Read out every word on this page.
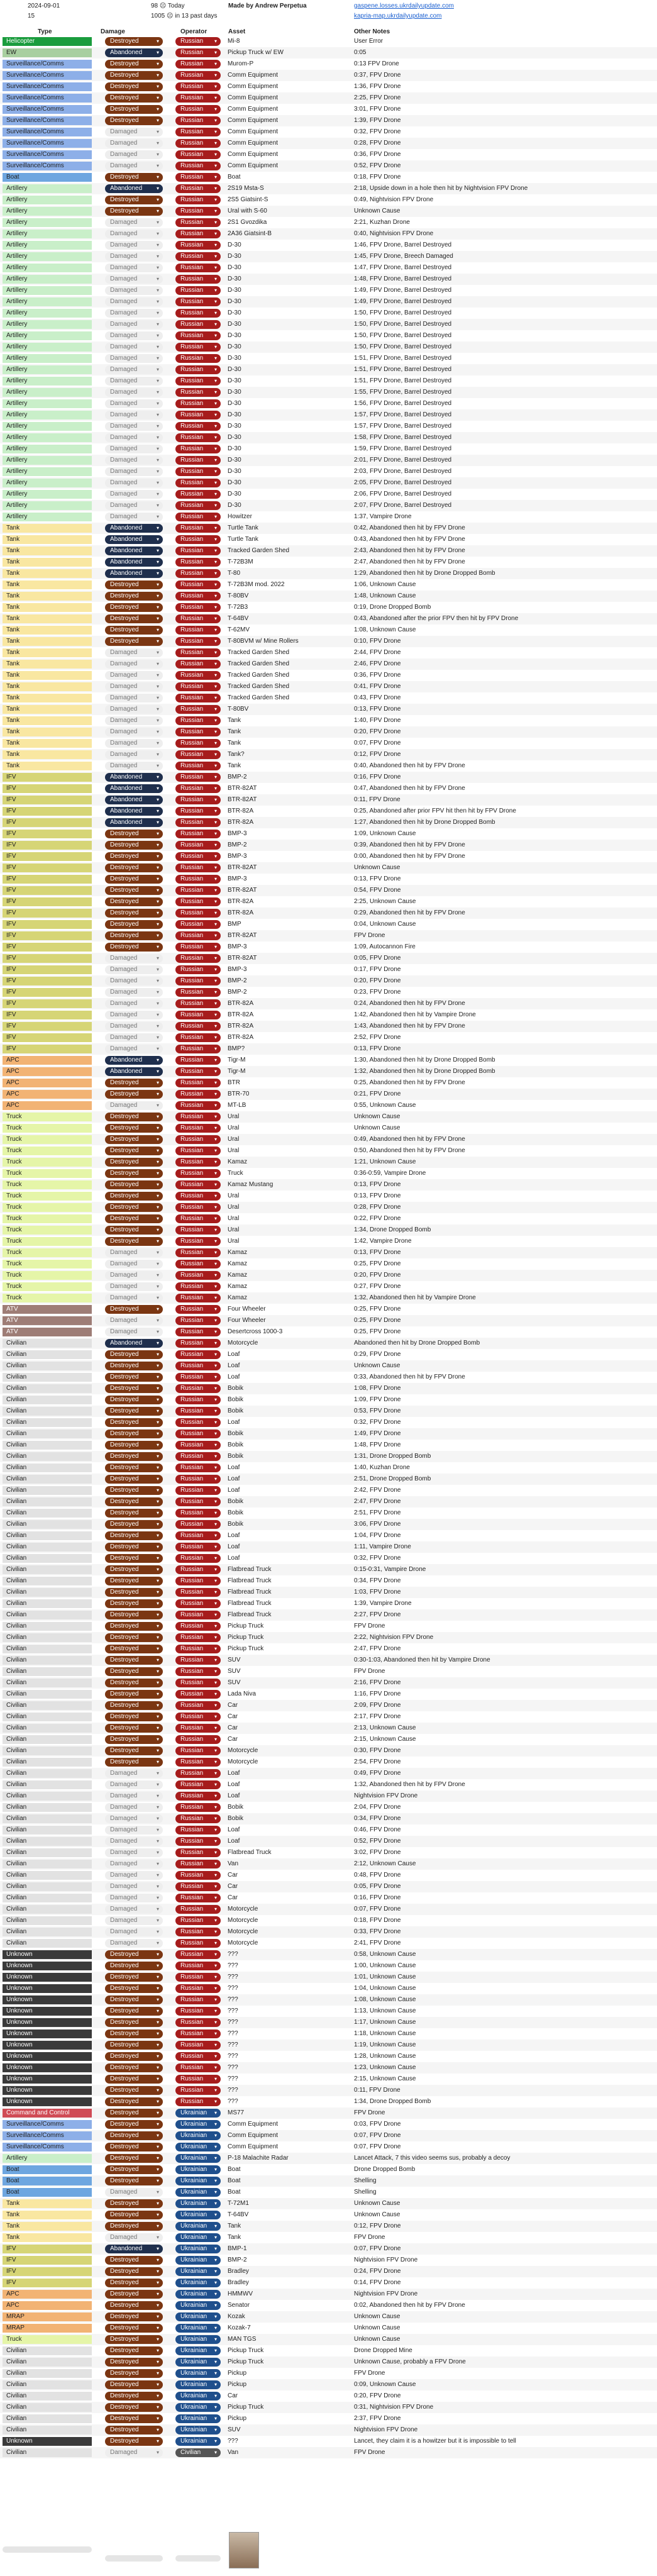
2024-09-01
15
98 ☹ Today
1005 ☹ in 13 past days
Made by Andrew Perpetua	gaspene.losses.ukrdailyupdate.com
kapria-map.ukrdailyupdate.com
Type	Damage	Operator	Asset	Other Notes
Helicopter	Destroyed	▾	Russian ▾ Mi-8	User Error
EW	Abandoned	▾	Russian ▾ Pickup Truck w/ EW	0:05
Surveillance/Comms	Destroyed	▾	Russian ▾ Murom-P	0:13 FPV Drone
Surveillance/Comms	Destroyed	▾	Russian ▾ Comm Equipment	0:37, FPV Drone
Surveillance/Comms	Destroyed	▾	Russian ▾ Comm Equipment	1:36, FPV Drone
Surveillance/Comms	Destroyed	▾	Russian ▾ Comm Equipment	2:25, FPV Drone
Surveillance/Comms	Destroyed	▾	Russian ▾ Comm Equipment	3:01, FPV Drone
Surveillance/Comms	Destroyed	▾	Russian ▾ Comm Equipment	1:39, FPV Drone
Surveillance/Comms	Damaged	▾	Russian ▾ Comm Equipment	0:32, FPV Drone
Surveillance/Comms	Damaged	▾	Russian ▾ Comm Equipment	0:28, FPV Drone
Surveillance/Comms	Damaged	▾	Russian ▾ Comm Equipment	0:36, FPV Drone
Surveillance/Comms	Damaged	▾	Russian ▾ Comm Equipment	0:52, FPV Drone
Boat	Destroyed	▾	Russian ▾ Boat	0:18, FPV Drone
Artillery	Abandoned	▾	Russian ▾ 2S19 Msta-S	2:18, Upside down in a hole then hit by Nightvision FPV Drone
Artillery	Destroyed	▾	Russian ▾ 2S5 Giatsint-S	0:49, Nightvision FPV Drone
Artillery	Destroyed	▾	Russian ▾ Ural with S-60	Unknown Cause
Artillery	Damaged	▾	Russian ▾ 2S1 Gvozdika	2:21, Kuzhan Drone
Artillery	Damaged	▾	Russian ▾ 2A36 Giatsint-B	0:40, Nightvision FPV Drone
Artillery	Damaged	▾	Russian ▾ D-30	1:46, FPV Drone, Barrel Destroyed
Artillery	Damaged	▾	Russian ▾ D-30	1:45, FPV Drone, Breech Damaged
Artillery	Damaged	▾	Russian ▾ D-30	1:47, FPV Drone, Barrel Destroyed
Artillery	Damaged	▾	Russian ▾ D-30	1:48, FPV Drone, Barrel Destroyed
Artillery	Damaged	▾	Russian ▾ D-30	1:49, FPV Drone, Barrel Destroyed
Artillery	Damaged	▾	Russian ▾ D-30	1:49, FPV Drone, Barrel Destroyed
Artillery	Damaged	▾	Russian ▾ D-30	1:50, FPV Drone, Barrel Destroyed
Artillery	Damaged	▾	Russian ▾ D-30	1:50, FPV Drone, Barrel Destroyed
Artillery	Damaged	▾	Russian ▾ D-30	1:50, FPV Drone, Barrel Destroyed
Artillery	Damaged	▾	Russian ▾ D-30	1:50, FPV Drone, Barrel Destroyed
Artillery	Damaged	▾	Russian ▾ D-30	1:51, FPV Drone, Barrel Destroyed
Artillery	Damaged	▾	Russian ▾ D-30	1:51, FPV Drone, Barrel Destroyed
Artillery	Damaged	▾	Russian ▾ D-30	1:51, FPV Drone, Barrel Destroyed
Artillery	Damaged	▾	Russian ▾ D-30	1:55, FPV Drone, Barrel Destroyed
Artillery	Damaged	▾	Russian ▾ D-30	1:56, FPV Drone, Barrel Destroyed
Artillery	Damaged	▾	Russian ▾ D-30	1:57, FPV Drone, Barrel Destroyed
Artillery	Damaged	▾	Russian ▾ D-30	1:57, FPV Drone, Barrel Destroyed
Artillery	Damaged	▾	Russian ▾ D-30	1:58, FPV Drone, Barrel Destroyed
Artillery	Damaged	▾	Russian ▾ D-30	1:59, FPV Drone, Barrel Destroyed
Artillery	Damaged	▾	Russian ▾ D-30	2:01, FPV Drone, Barrel Destroyed
Artillery	Damaged	▾	Russian ▾ D-30	2:03, FPV Drone, Barrel Destroyed
Artillery	Damaged	▾	Russian ▾ D-30	2:05, FPV Drone, Barrel Destroyed
Artillery	Damaged	▾	Russian ▾ D-30	2:06, FPV Drone, Barrel Destroyed
Artillery	Damaged	▾	Russian ▾ D-30	2:07, FPV Drone, Barrel Destroyed
Artillery	Damaged	▾	Russian ▾ Howitzer	1:37, Vampire Drone
Tank	Abandoned	▾	Russian ▾ Turtle Tank	0:42, Abandoned then hit by FPV Drone
Tank	Abandoned	▾	Russian ▾ Turtle Tank	0:43, Abandoned then hit by FPV Drone
Tank	Abandoned	▾	Russian ▾ Tracked Garden Shed	2:43, Abandoned then hit by FPV Drone
Tank	Abandoned	▾	Russian ▾ T-72B3M	2:47, Abandoned then hit by FPV Drone
Tank	Abandoned	▾	Russian ▾ T-80	1:29, Abandoned then hit by Drone Dropped Bomb
Tank	Destroyed	▾	Russian ▾ T-72B3M mod. 2022	1:06, Unknown Cause
Tank	Destroyed	▾	Russian ▾ T-80BV	1:48, Unknown Cause
Tank	Destroyed	▾	Russian ▾ T-72B3	0:19, Drone Dropped Bomb
Tank	Destroyed	▾	Russian ▾ T-64BV	0:43, Abandoned after the prior FPV then hit by FPV Drone
Tank	Destroyed	▾	Russian ▾ T-62MV	1:08, Unknown Cause
Tank	Destroyed	▾	Russian ▾ T-80BVM w/ Mine Rollers	0:10, FPV Drone
Tank	Damaged	▾	Russian ▾ Tracked Garden Shed	2:44, FPV Drone
Tank	Damaged	▾	Russian ▾ Tracked Garden Shed	2:46, FPV Drone
Tank	Damaged	▾	Russian ▾ Tracked Garden Shed	0:36, FPV Drone
Tank	Damaged	▾	Russian ▾ Tracked Garden Shed	0:41, FPV Drone
Tank	Damaged	▾	Russian ▾ Tracked Garden Shed	0:43, FPV Drone
Tank	Damaged	▾	Russian ▾ T-80BV	0:13, FPV Drone
Tank	Damaged	▾	Russian ▾ Tank	1:40, FPV Drone
Tank	Damaged	▾	Russian ▾ Tank	0:20, FPV Drone
Tank	Damaged	▾	Russian ▾ Tank	0:07, FPV Drone
Tank	Damaged	▾	Russian ▾ Tank?	0:12, FPV Drone
Tank	Damaged	▾	Russian ▾ Tank	0:40, Abandoned then hit by FPV Drone
IFV	Abandoned	▾	Russian ▾ BMP-2	0:16, FPV Drone
IFV	Abandoned	▾	Russian ▾ BTR-82AT	0:47, Abandoned then hit by FPV Drone
IFV	Abandoned	▾	Russian ▾ BTR-82AT	0:11, FPV Drone
IFV	Abandoned	▾	Russian ▾ BTR-82A	0:25, Abandoned after prior FPV hit then hit by FPV Drone
IFV	Abandoned	▾	Russian ▾ BTR-82A	1:27, Abandoned then hit by Drone Dropped Bomb
IFV	Destroyed	▾	Russian ▾ BMP-3	1:09, Unknown Cause
IFV	Destroyed	▾	Russian ▾ BMP-2	0:39, Abandoned then hit by FPV Drone
IFV	Destroyed	▾	Russian ▾ BMP-3	0:00, Abandoned then hit by FPV Drone
IFV	Destroyed	▾	Russian ▾ BTR-82AT	Unknown Cause
IFV	Destroyed	▾	Russian ▾ BMP-3	0:13, FPV Drone
IFV	Destroyed	▾	Russian ▾ BTR-82AT	0:54, FPV Drone
IFV	Destroyed	▾	Russian ▾ BTR-82A	2:25, Unknown Cause
IFV	Destroyed	▾	Russian ▾ BTR-82A	0:29, Abandoned then hit by FPV Drone
IFV	Destroyed	▾	Russian ▾ BMP	0:04, Unknown Cause
IFV	Destroyed	▾	Russian ▾ BTR-82AT	FPV Drone
IFV	Destroyed	▾	Russian ▾ BMP-3	1:09, Autocannon Fire
IFV	Damaged	▾	Russian ▾ BTR-82AT	0:05, FPV Drone
IFV	Damaged	▾	Russian ▾ BMP-3	0:17, FPV Drone
IFV	Damaged	▾	Russian ▾ BMP-2	0:20, FPV Drone
IFV	Damaged	▾	Russian ▾ BMP-2	0:23, FPV Drone
IFV	Damaged	▾	Russian ▾ BTR-82A	0:24, Abandoned then hit by FPV Drone
IFV	Damaged	▾	Russian ▾ BTR-82A	1:42, Abandoned then hit by Vampire Drone
IFV	Damaged	▾	Russian ▾ BTR-82A	1:43, Abandoned then hit by FPV Drone
IFV	Damaged	▾	Russian ▾ BTR-82A	2:52, FPV Drone
IFV	Damaged	▾	Russian ▾ BMP?	0:13, FPV Drone
APC	Abandoned	▾	Russian ▾ Tigr-M	1:30, Abandoned then hit by Drone Dropped Bomb
APC	Abandoned	▾	Russian ▾ Tigr-M	1:32, Abandoned then hit by Drone Dropped Bomb
APC	Destroyed	▾	Russian ▾ BTR	0:25, Abandoned then hit by FPV Drone
APC	Destroyed	▾	Russian ▾ BTR-70	0:21, FPV Drone
APC	Damaged	▾	Russian ▾ MT-LB	0:55, Unknown Cause
Truck	Destroyed	▾	Russian ▾ Ural	Unknown Cause
Truck	Destroyed	▾	Russian ▾ Ural	Unknown Cause
Truck	Destroyed	▾	Russian ▾ Ural	0:49, Abandoned then hit by FPV Drone
Truck	Destroyed	▾	Russian ▾ Ural	0:50, Abandoned then hit by FPV Drone
Truck	Destroyed	▾	Russian ▾ Kamaz	1:21, Unknown Cause
Truck	Destroyed	▾	Russian ▾ Truck	0:36-0:59, Vampire Drone
Truck	Destroyed	▾	Russian ▾ Kamaz Mustang	0:13, FPV Drone
Truck	Destroyed	▾	Russian ▾ Ural	0:13, FPV Drone
Truck	Destroyed	▾	Russian ▾ Ural	0:28, FPV Drone
Truck	Destroyed	▾	Russian ▾ Ural	0:22, FPV Drone
Truck	Destroyed	▾	Russian ▾ Ural	1:34, Drone Dropped Bomb
Truck	Destroyed	▾	Russian ▾ Ural	1:42, Vampire Drone
Truck	Damaged	▾	Russian ▾ Kamaz	0:13, FPV Drone
Truck	Damaged	▾	Russian ▾ Kamaz	0:25, FPV Drone
Truck	Damaged	▾	Russian ▾ Kamaz	0:20, FPV Drone
Truck	Damaged	▾	Russian ▾ Kamaz	0:27, FPV Drone
Truck	Damaged	▾	Russian ▾ Kamaz	1:32, Abandoned then hit by Vampire Drone
ATV	Destroyed	▾	Russian ▾ Four Wheeler	0:25, FPV Drone
ATV	Damaged	▾	Russian ▾ Four Wheeler	0:25, FPV Drone
ATV	Damaged	▾	Russian ▾ Desertcross 1000-3	0:25, FPV Drone
Civilian	Abandoned	▾	Russian ▾ Motorcycle	Abandoned then hit by Drone Dropped Bomb
Civilian	Destroyed	▾	Russian ▾ Loaf	0:29, FPV Drone
Civilian	Destroyed	▾	Russian ▾ Loaf	Unknown Cause
Civilian	Destroyed	▾	Russian ▾ Loaf	0:33, Abandoned then hit by FPV Drone
Civilian	Destroyed	▾	Russian ▾ Bobik	1:08, FPV Drone
Civilian	Destroyed	▾	Russian ▾ Bobik	1:09, FPV Drone
Civilian	Destroyed	▾	Russian ▾ Bobik	0:53, FPV Drone
Civilian	Destroyed	▾	Russian ▾ Loaf	0:32, FPV Drone
Civilian	Destroyed	▾	Russian ▾ Bobik	1:49, FPV Drone
Civilian	Destroyed	▾	Russian ▾ Bobik	1:48, FPV Drone
Civilian	Destroyed	▾	Russian ▾ Bobik	1:31, Drone Dropped Bomb
Civilian	Destroyed	▾	Russian ▾ Loaf	1:40, Kuzhan Drone
Civilian	Destroyed	▾	Russian ▾ Loaf	2:51, Drone Dropped Bomb
Civilian	Destroyed	▾	Russian ▾ Loaf	2:42, FPV Drone
Civilian	Destroyed	▾	Russian ▾ Bobik	2:47, FPV Drone
Civilian	Destroyed	▾	Russian ▾ Bobik	2:51, FPV Drone
Civilian	Destroyed	▾	Russian ▾ Bobik	3:06, FPV Drone
Civilian	Destroyed	▾	Russian ▾ Loaf	1:04, FPV Drone
Civilian	Destroyed	▾	Russian ▾ Loaf	1:11, Vampire Drone
Civilian	Destroyed	▾	Russian ▾ Loaf	0:32, FPV Drone
Civilian	Destroyed	▾	Russian ▾ Flatbread Truck	0:15-0:31, Vampire Drone
Civilian	Destroyed	▾	Russian ▾ Flatbread Truck	0:34, FPV Drone
Civilian	Destroyed	▾	Russian ▾ Flatbread Truck	1:03, FPV Drone
Civilian	Destroyed	▾	Russian ▾ Flatbread Truck	1:39, Vampire Drone
Civilian	Destroyed	▾	Russian ▾ Flatbread Truck	2:27, FPV Drone
Civilian	Destroyed	▾	Russian ▾ Pickup Truck	FPV Drone
Civilian	Destroyed	▾	Russian ▾ Pickup Truck	2:22, Nightvision FPV Drone
Civilian	Destroyed	▾	Russian ▾ Pickup Truck	2:47, FPV Drone
Civilian	Destroyed	▾	Russian ▾ SUV	0:30-1:03, Abandoned then hit by Vampire Drone
Civilian	Destroyed	▾	Russian ▾ SUV	FPV Drone
Civilian	Destroyed	▾	Russian ▾ SUV	2:16, FPV Drone
Civilian	Destroyed	▾	Russian ▾ Lada Niva	1:16, FPV Drone
Civilian	Destroyed	▾	Russian ▾ Car	2:09, FPV Drone
Civilian	Destroyed	▾	Russian ▾ Car	2:17, FPV Drone
Civilian	Destroyed	▾	Russian ▾ Car	2:13, Unknown Cause
Civilian	Destroyed	▾	Russian ▾ Car	2:15, Unknown Cause
Civilian	Destroyed	▾	Russian ▾ Motorcycle	0:30, FPV Drone
Civilian	Destroyed	▾	Russian ▾ Motorcycle	2:54, FPV Drone
Civilian	Damaged	▾	Russian ▾ Loaf	0:49, FPV Drone
Civilian	Damaged	▾	Russian ▾ Loaf	1:32, Abandoned then hit by FPV Drone
Civilian	Damaged	▾	Russian ▾ Loaf	Nightvision FPV Drone
Civilian	Damaged	▾	Russian ▾ Bobik	2:04, FPV Drone
Civilian	Damaged	▾	Russian ▾ Bobik	0:34, FPV Drone
Civilian	Damaged	▾	Russian ▾ Loaf	0:46, FPV Drone
Civilian	Damaged	▾	Russian ▾ Loaf	0:52, FPV Drone
Civilian	Damaged	▾	Russian ▾ Flatbread Truck	3:02, FPV Drone
Civilian	Damaged	▾	Russian ▾ Van	2:12, Unknown Cause
Civilian	Damaged	▾	Russian ▾ Car	0:48, FPV Drone
Civilian	Damaged	▾	Russian ▾ Car	0:05, FPV Drone
Civilian	Damaged	▾	Russian ▾ Car	0:16, FPV Drone
Civilian	Damaged	▾	Russian ▾ Motorcycle	0:07, FPV Drone
Civilian	Damaged	▾	Russian ▾ Motorcycle	0:18, FPV Drone
Civilian	Damaged	▾	Russian ▾ Motorcycle	0:33, FPV Drone
Civilian	Damaged	▾	Russian ▾ Motorcycle	2:41, FPV Drone
Unknown	Destroyed	▾	Russian ▾ ???	0:58, Unknown Cause
Unknown	Destroyed	▾	Russian ▾ ???	1:00, Unknown Cause
Unknown	Destroyed	▾	Russian ▾ ???	1:01, Unknown Cause
Unknown	Destroyed	▾	Russian ▾ ???	1:04, Unknown Cause
Unknown	Destroyed	▾	Russian ▾ ???	1:08, Unknown Cause
Unknown	Destroyed	▾	Russian ▾ ???	1:13, Unknown Cause
Unknown	Destroyed	▾	Russian ▾ ???	1:17, Unknown Cause
Unknown	Destroyed	▾	Russian ▾ ???	1:18, Unknown Cause
Unknown	Destroyed	▾	Russian ▾ ???	1:19, Unknown Cause
Unknown	Destroyed	▾	Russian ▾ ???	1:28, Unknown Cause
Unknown	Destroyed	▾	Russian ▾ ???	1:23, Unknown Cause
Unknown	Destroyed	▾	Russian ▾ ???	2:15, Unknown Cause
Unknown	Destroyed	▾	Russian ▾ ???	0:11, FPV Drone
Unknown	Destroyed	▾	Russian ▾ ???	1:34, Drone Dropped Bomb
Command and Control	Destroyed	▾	Ukrainian ▾ MS77	FPV Drone
Surveillance/Comms	Destroyed	▾	Ukrainian ▾ Comm Equipment	0:03, FPV Drone
Surveillance/Comms	Destroyed	▾	Ukrainian ▾ Comm Equipment	0:07, FPV Drone
Surveillance/Comms	Destroyed	▾	Ukrainian ▾ Comm Equipment	0:07, FPV Drone
Artillery	Destroyed	▾	Ukrainian ▾ P-18 Malachite Radar	Lancet Attack, 7 this video seems sus, probably a decoy
Boat	Destroyed	▾	Ukrainian ▾ Boat	Drone Dropped Bomb
Boat	Destroyed	▾	Ukrainian ▾ Boat	Shelling
Boat	Damaged	▾	Ukrainian ▾ Boat	Shelling
Tank	Destroyed	▾	Ukrainian ▾ T-72M1	Unknown Cause
Tank	Destroyed	▾	Ukrainian ▾ T-64BV	Unknown Cause
Tank	Destroyed	▾	Ukrainian ▾ Tank	0:12, FPV Drone
Tank	Damaged	▾	Ukrainian ▾ Tank	FPV Drone
IFV	Abandoned	▾	Ukrainian ▾ BMP-1	0:07, FPV Drone
IFV	Destroyed	▾	Ukrainian ▾ BMP-2	Nightvision FPV Drone
IFV	Destroyed	▾	Ukrainian ▾ Bradley	0:24, FPV Drone
IFV	Destroyed	▾	Ukrainian ▾ Bradley	0:14, FPV Drone
APC	Destroyed	▾	Ukrainian ▾ HMMWV	Nightvision FPV Drone
APC	Destroyed	▾	Ukrainian ▾ Senator	0:02, Abandoned then hit by FPV Drone
MRAP	Destroyed	▾	Ukrainian ▾ Kozak	Unknown Cause
MRAP	Destroyed	▾	Ukrainian ▾ Kozak-7	Unknown Cause
Truck	Destroyed	▾	Ukrainian ▾ MAN TGS	Unknown Cause
Civilian	Destroyed	▾	Ukrainian ▾ Pickup Truck	Drone Dropped Mine
Civilian	Destroyed	▾	Ukrainian ▾ Pickup Truck	Unknown Cause, probably a FPV Drone
Civilian	Destroyed	▾	Ukrainian ▾ Pickup	FPV Drone
Civilian	Destroyed	▾	Ukrainian ▾ Pickup	0:09, Unknown Cause
Civilian	Destroyed	▾	Ukrainian ▾ Car	0:20, FPV Drone
Civilian	Destroyed	▾	Ukrainian ▾ Pickup Truck	0:31, Nightvision FPV Drone
Civilian	Destroyed	▾	Ukrainian ▾ Pickup	2:37, FPV Drone
Civilian	Destroyed	▾	Ukrainian ▾ SUV	Nightvision FPV Drone
Unknown	Destroyed	▾	Ukrainian ▾ ???	Lancet, they claim it is a howitzer but it is impossible to tell
Civilian	Damaged	▾	Civilian	▾ Van	FPV Drone
